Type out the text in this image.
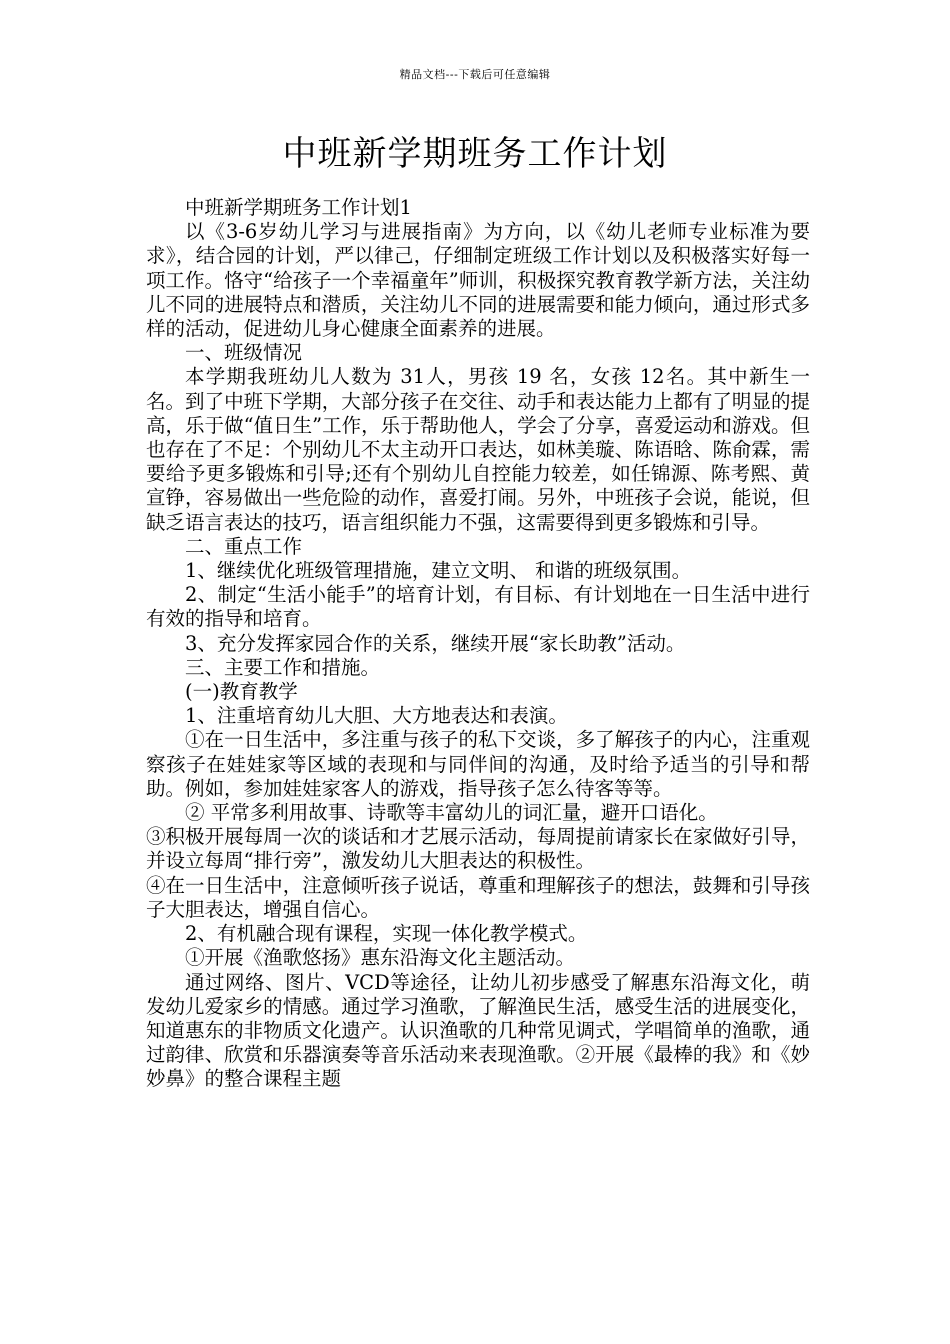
精品文档---下载后可任意编辑
中班新学期班务工作计划

中班新学期班务工作计划1

以《3-6岁幼儿学习与进展指南》为方向，以《幼儿老师专业标准为要求》，结合园的计划，严以律己，仔细制定班级工作计划以及积极落实好每一项工作。恪守“给孩子一个幸福童年”师训，积极探究教育教学新方法，关注幼儿不同的进展特点和潜质，关注幼儿不同的进展需要和能力倾向，通过形式多样的活动，促进幼儿身心健康全面素养的进展。

一、班级情况

本学期我班幼儿人数为 31人，男孩 19 名，女孩 12名。其中新生一名。到了中班下学期，大部分孩子在交往、动手和表达能力上都有了明显的提高，乐于做“值日生”工作，乐于帮助他人，学会了分享，喜爱运动和游戏。但也存在了不足：个别幼儿不太主动开口表达，如林美璇、陈语晗、陈俞霖，需要给予更多锻炼和引导;还有个别幼儿自控能力较差，如任锦源、陈考熙、黄宣铮，容易做出一些危险的动作，喜爱打闹。另外，中班孩子会说，能说，但缺乏语言表达的技巧，语言组织能力不强，这需要得到更多锻炼和引导。

二、重点工作

1、继续优化班级管理措施，建立文明、 和谐的班级氛围。

2、制定“生活小能手”的培育计划，有目标、有计划地在一日生活中进行有效的指导和培育。

3、充分发挥家园合作的关系，继续开展“家长助教”活动。

三、主要工作和措施。

(一)教育教学

1、注重培育幼儿大胆、大方地表达和表演。

①在一日生活中，多注重与孩子的私下交谈，多了解孩子的内心，注重观察孩子在娃娃家等区域的表现和与同伴间的沟通，及时给予适当的引导和帮助。例如，参加娃娃家客人的游戏，指导孩子怎么待客等等。

② 平常多利用故事、诗歌等丰富幼儿的词汇量，避开口语化。

③积极开展每周一次的谈话和才艺展示活动，每周提前请家长在家做好引导，并设立每周“排行旁”，激发幼儿大胆表达的积极性。

④在一日生活中，注意倾听孩子说话，尊重和理解孩子的想法，鼓舞和引导孩子大胆表达，增强自信心。

2、有机融合现有课程，实现一体化教学模式。

①开展《渔歌悠扬》惠东沿海文化主题活动。

通过网络、图片、VCD等途径，让幼儿初步感受了解惠东沿海文化，萌发幼儿爱家乡的情感。通过学习渔歌，了解渔民生活，感受生活的进展变化，知道惠东的非物质文化遗产。认识渔歌的几种常见调式，学唱简单的渔歌，通过韵律、欣赏和乐器演奏等音乐活动来表现渔歌。②开展《最棒的我》和《妙妙鼻》的整合课程主题
